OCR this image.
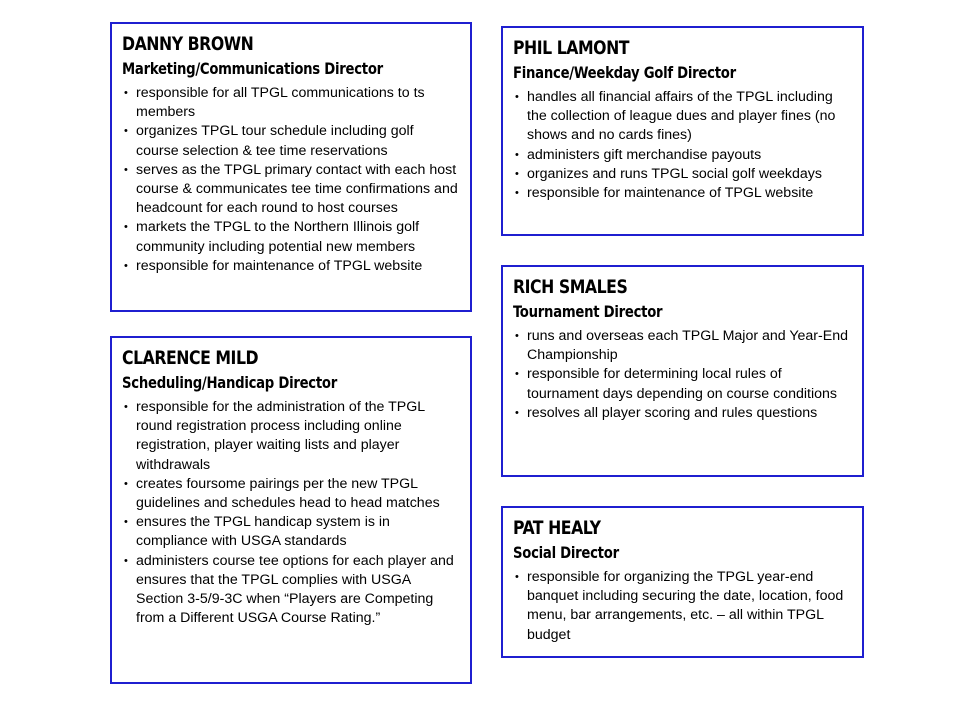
DANNY BROWN
Marketing/Communications Director
• responsible for all TPGL communications to ts members
• organizes TPGL tour schedule including golf course selection & tee time reservations
• serves as the TPGL primary contact with each host course & communicates tee time confirmations and headcount for each round to host courses
• markets the TPGL to the Northern Illinois golf community including potential new members
• responsible for maintenance of TPGL website
PHIL LAMONT
Finance/Weekday Golf Director
• handles all financial affairs of the TPGL including the collection of league dues and player fines (no shows and no cards fines)
• administers gift merchandise payouts
• organizes and runs TPGL social golf weekdays
• responsible for maintenance of TPGL website
RICH SMALES
Tournament Director
• runs and overseas each TPGL Major and Year-End Championship
• responsible for determining local rules of tournament days depending on course conditions
• resolves all player scoring and rules questions
CLARENCE MILD
Scheduling/Handicap Director
• responsible for the administration of the TPGL round registration process including online registration, player waiting lists and player withdrawals
• creates foursome pairings per the new TPGL guidelines and schedules head to head matches
• ensures the TPGL handicap system is in compliance with USGA standards
• administers course tee options for each player and ensures that the TPGL complies with USGA Section 3-5/9-3C when “Players are Competing from a Different USGA Course Rating.”
PAT HEALY
Social Director
• responsible for organizing the TPGL year-end banquet including securing the date, location, food menu, bar arrangements, etc. – all within TPGL budget
